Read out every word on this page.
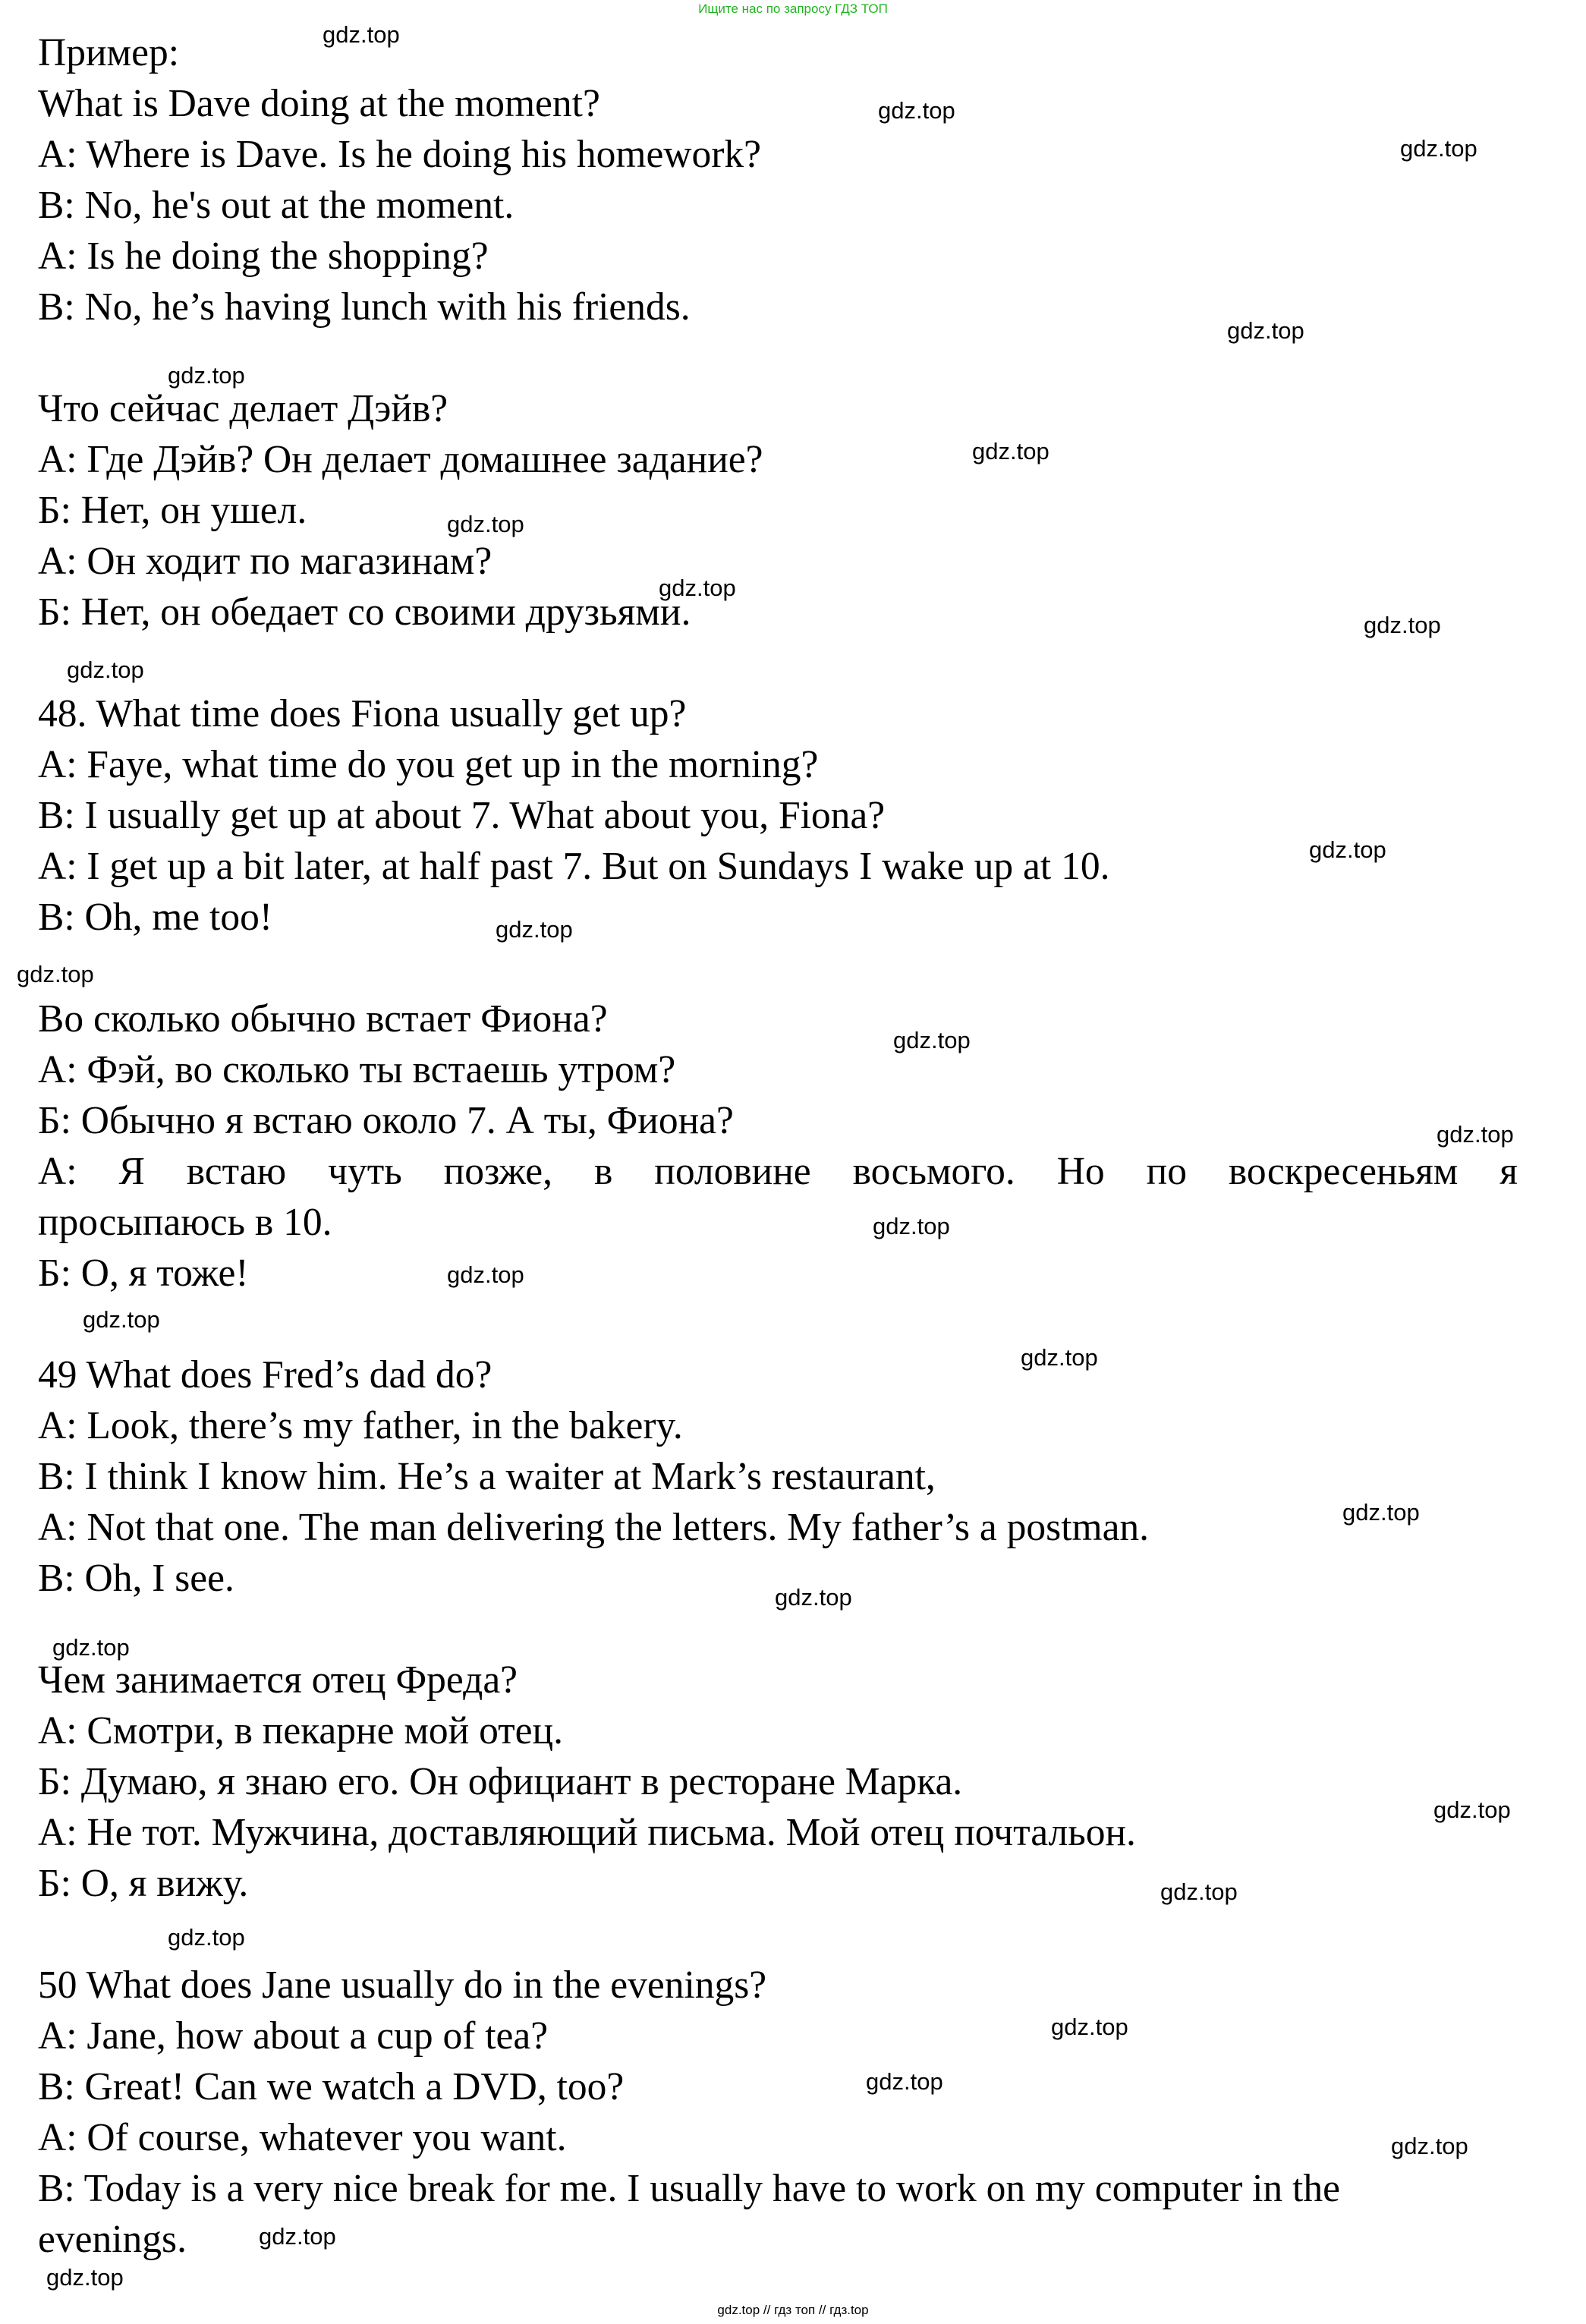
Ищите нас по запросу ГДЗ ТОП
Пример:
What is Dave doing at the moment?
A: Where is Dave. Is he doing his homework?
B: No, he's out at the moment.
A: Is he doing the shopping?
B: No, he’s having lunch with his friends.
Что сейчас делает Дэйв?
А: Где Дэйв? Он делает домашнее задание?
Б: Нет, он ушел.
А: Он ходит по магазинам?
Б: Нет, он обедает со своими друзьями.
48. What time does Fiona usually get up?
A: Faye, what time do you get up in the morning?
B: I usually get up at about 7. What about you, Fiona?
A: I get up a bit later, at half past 7. But on Sundays I wake up at 10.
B: Oh, me too!
Во сколько обычно встает Фиона?
А: Фэй, во сколько ты встаешь утром?
Б: Обычно я встаю около 7. А ты, Фиона?
А: Я встаю чуть позже, в половине восьмого. Но по воскресеньям я
просыпаюсь в 10.
Б: О, я тоже!
49 What does Fred’s dad do?
A: Look, there’s my father, in the bakery.
B: I think I know him. He’s a waiter at Mark’s restaurant,
A: Not that one. The man delivering the letters. My father’s a postman.
B: Oh, I see.
Чем занимается отец Фреда?
А: Смотри, в пекарне мой отец.
Б: Думаю, я знаю его. Он официант в ресторане Марка.
А: Не тот. Мужчина, доставляющий письма. Мой отец почтальон.
Б: О, я вижу.
50 What does Jane usually do in the evenings?
A: Jane, how about a cup of tea?
B: Great! Can we watch a DVD, too?
A: Of course, whatever you want.
B: Today is a very nice break for me. I usually have to work on my computer in the
evenings.
gdz.top
gdz.top
gdz.top
gdz.top
gdz.top
gdz.top
gdz.top
gdz.top
gdz.top
gdz.top
gdz.top
gdz.top
gdz.top
gdz.top
gdz.top
gdz.top
gdz.top
gdz.top
gdz.top
gdz.top
gdz.top
gdz.top
gdz.top
gdz.top
gdz.top
gdz.top
gdz.top
gdz.top
gdz.top
gdz.top
gdz.top // гдз топ // гдз.top
